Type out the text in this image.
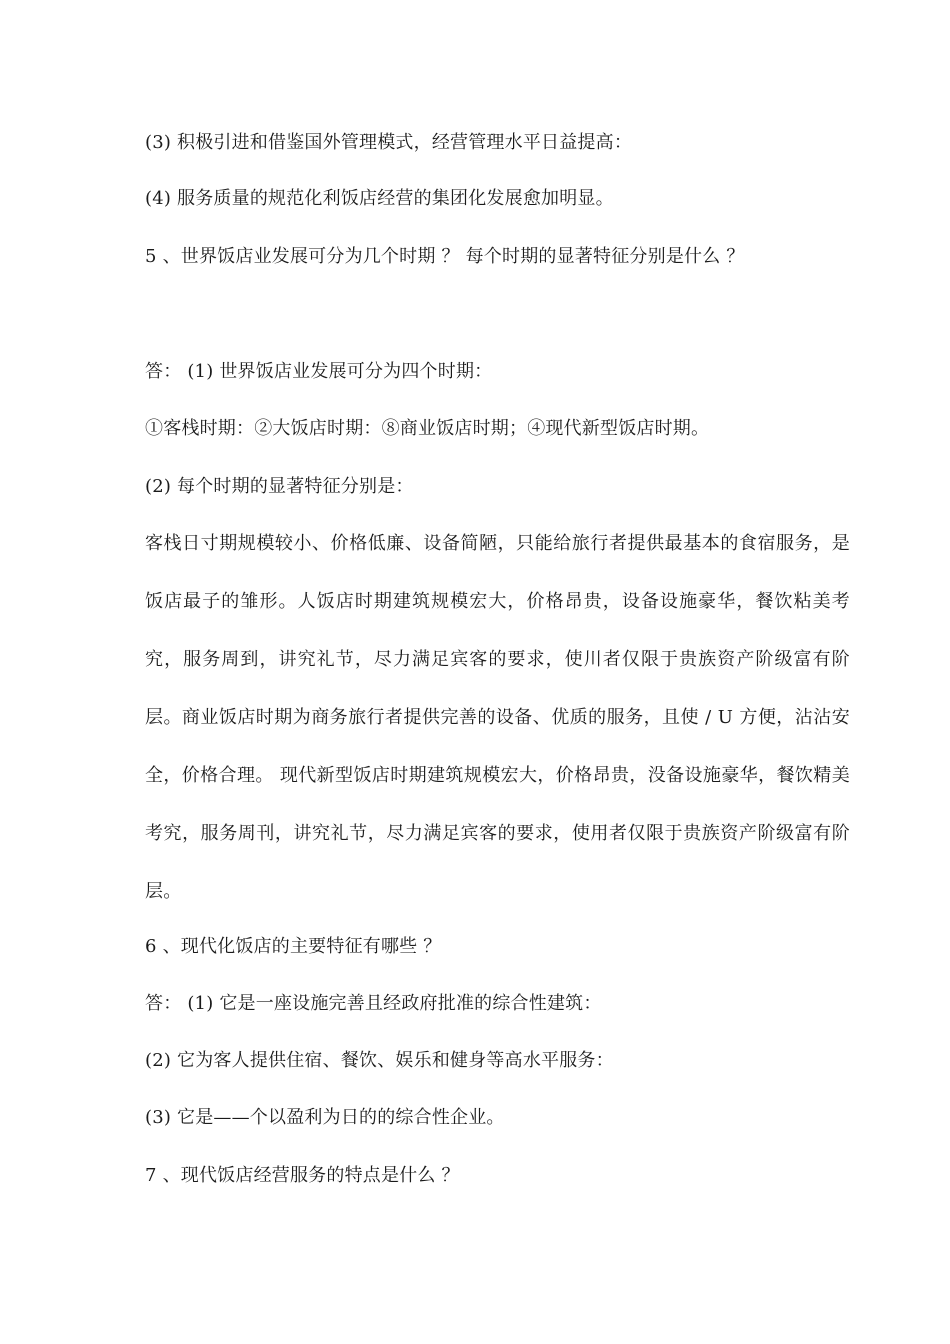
(3) 积极引进和借鉴国外管理模式，经营管理水平日益提高：
(4) 服务质量的规范化利饭店经营的集团化发展愈加明显。
5 、世界饭店业发展可分为几个时期 ？ 每个时期的显著特征分别是什么 ？
答： (1) 世界饭店业发展可分为四个时期：
①客栈时期：②大饭店时期：⑧商业饭店时期；④现代新型饭店时期。
(2) 每个时期的显著特征分别是：
客栈日寸期规模较小、价格低廉、设备简陋，只能给旅行者提供最基本的食宿服务，是饭店最子的雏形。人饭店时期建筑规模宏大，价格昂贵，设备设施豪华，餐饮粘美考究，服务周到，讲究礼节，尽力满足宾客的要求，使川者仅限于贵族资产阶级富有阶层。商业饭店时期为商务旅行者提供完善的设备、优质的服务，且使 / U 方便，沾沾安全，价格合理。 现代新型饭店时期建筑规模宏大，价格昂贵，没备设施豪华，餐饮精美考究，服务周刊，讲究礼节，尽力满足宾客的要求，使用者仅限于贵族资产阶级富有阶层。
6 、现代化饭店的主要特征有哪些 ？
答： (1) 它是一座设施完善且经政府批准的综合性建筑：
(2) 它为客人提供住宿、餐饮、娱乐和健身等高水平服务：
(3) 它是——个以盈利为日的的综合性企业。
7 、现代饭店经营服务的特点是什么 ？
